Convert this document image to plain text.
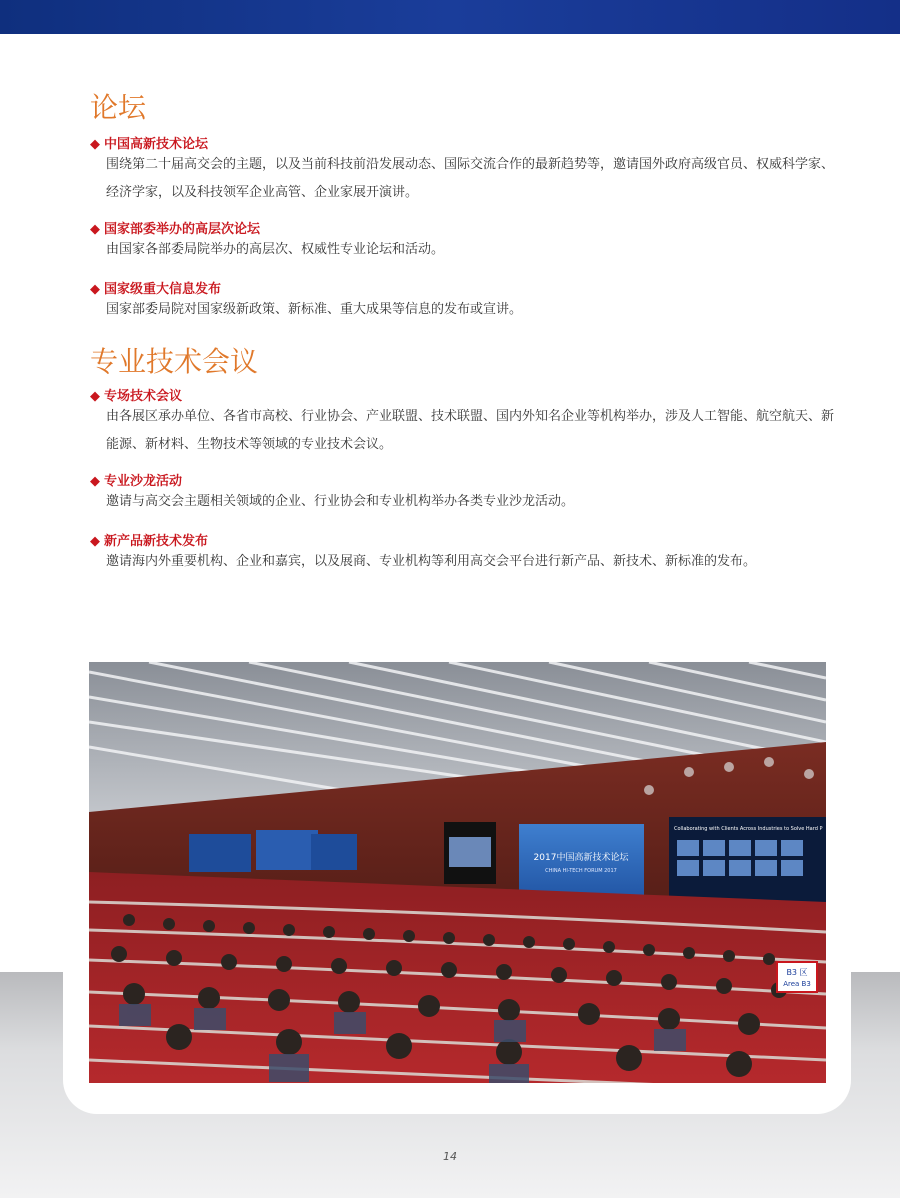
论坛
◆ 中国高新技术论坛
围绕第二十届高交会的主题，以及当前科技前沿发展动态、国际交流合作的最新趋势等，邀请国外政府高级官员、权威科学家、经济学家，以及科技领军企业高管、企业家展开演讲。
◆ 国家部委举办的高层次论坛
由国家各部委局院举办的高层次、权威性专业论坛和活动。
◆ 国家级重大信息发布
国家部委局院对国家级新政策、新标准、重大成果等信息的发布或宣讲。
专业技术会议
◆ 专场技术会议
由各展区承办单位、各省市高校、行业协会、产业联盟、技术联盟、国内外知名企业等机构举办，涉及人工智能、航空航天、新能源、新材料、生物技术等领域的专业技术会议。
◆ 专业沙龙活动
邀请与高交会主题相关领域的企业、行业协会和专业机构举办各类专业沙龙活动。
◆ 新产品新技术发布
邀请海内外重要机构、企业和嘉宾，以及展商、专业机构等利用高交会平台进行新产品、新技术、新标准的发布。
2017中国高新技术论坛
CHINA HI-TECH FORUM 2017
Collaborating with Clients Across Industries to Solve Hard P
B3 区
Area B3
14
